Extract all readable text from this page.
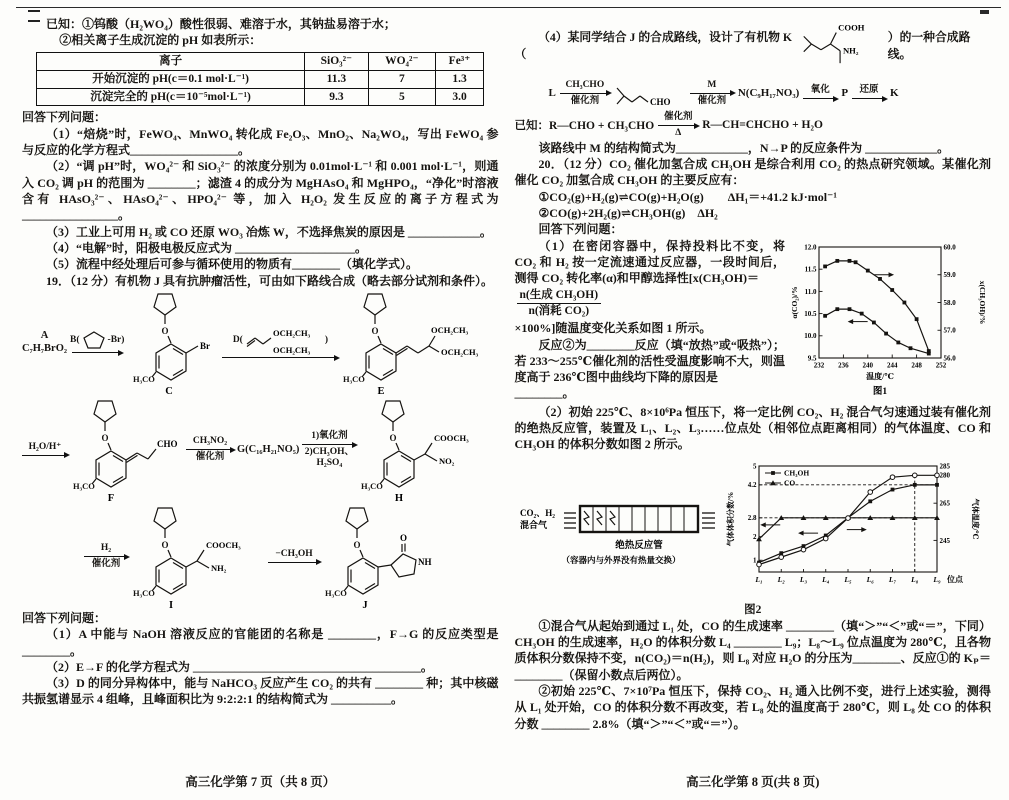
已知：①钨酸（H₂WO₄）酸性很弱、难溶于水，其钠盐易溶于水；

②相关离子生成沉淀的 pH 如表所示：

离子	SiO₃²⁻	WO₄²⁻	Fe³⁺
开始沉淀的 pH(c＝0.1 mol·L⁻¹)	11.3	7	1.3
沉淀完全的 pH(c＝10⁻⁵mol·L⁻¹)	9.3	5	3.0

回答下列问题：

（1）“焙烧”时，FeWO₄、MnWO₄ 转化成 Fe₂O₃、MnO₂、Na₂WO₄，写出 FeWO₄ 参与反应的化学方程式__________________。

（2）“调 pH”时，WO₄²⁻ 和 SiO₃²⁻ 的浓度分别为 0.01mol·L⁻¹ 和 0.001 mol·L⁻¹，则通入 CO₂ 调 pH 的范围为 ________；滤渣 4 的成分为 MgHAsO₄ 和 MgHPO₄，“净化”时溶液含有 HAsO₃²⁻、HAsO₄²⁻、HPO₄²⁻ 等，加入 H₂O₂ 发生反应的离子方程式为________________。

（3）工业上可用 H₂ 或 CO 还原 WO₃ 冶炼 W，不选择焦炭的原因是 ____________。

（4）“电解”时，阳极电极反应式为 ____________________。

（5）流程中经处理后可参与循环使用的物质有________（填化学式）。

19．（12 分）有机物 J 具有抗肿瘤活性，可由如下路线合成（略去部分试剂和条件）。

A
C₇H₇BrO₂
B(	-Br)
Br
C
D(
OCH₂CH₃
OCH₂CH₃
)
OCH₂CH₃
OCH₂CH₃
E
H₂O/H⁺	CHO
F
CH₃NO₂
催化剂
G(C₁₆H₂₁NO₅)
1)氧化剂
2)CH₃OH、
H₂SO₄
COOCH₃
NO₂
H
H₂
催化剂
COOCH₃
NH₂
I
−CH₃OH
O
NH
J

回答下列问题：

（1）A 中能与 NaOH 溶液反应的官能团的名称是 ________，F→G 的反应类型是________。

（2）E→F 的化学方程式为 ______________________________________。

（3）D 的同分异构体中，能与 NaHCO₃ 反应产生 CO₂ 的共有 ________ 种；其中核磁共振氢谱显示 4 组峰，且峰面积比为 9:2:2:1 的结构简式为 __________。

高三化学第 7 页（共 8 页）
（4）某同学结合 J 的合成路线，设计了有机物 K（
COOH
NH₂
）的一种合成路线。
L
CH₃CHO
催化剂	CHO
M
催化剂
N(C₉H₁₇NO₃) 氧化 P 还原 K
已知：R—CHO + CH₃CHO
催化剂
Δ
R—CH=CHCHO + H₂O

该路线中 M 的结构简式为____________，N→P 的反应条件为 ____________。

20．（12 分）CO₂ 催化加氢合成 CH₃OH 是综合利用 CO₂ 的热点研究领域。某催化剂催化 CO₂ 加氢合成 CH₃OH 的主要反应有：

①CO₂(g)+H₂(g)⇌CO(g)+H₂O(g)　　ΔH₁＝+41.2 kJ·mol⁻¹

②CO(g)+2H₂(g)⇌CH₃OH(g)　ΔH₂

回答下列问题：

（1）在密闭容器中，保持投料比不变，将 CO₂ 和 H₂ 按一定流速通过反应器，一段时间后，测得 CO₂ 转化率(α)和甲醇选择性[x(CH₃OH)＝

$\frac{\text{n(生成 CH₃OH)}}{\text{n(消耗 CO₂)}}$
×100%]随温度变化关系如图 1 所示。

反应②为________反应（填“放热”或“吸热”）；若 233～255℃催化剂的活性受温度影响不大，则温度高于 236℃图中曲线均下降的原因是

________。

232 236 240 244 248 252
9.5
10.0
10.5
11.0
11.5
12.0
56.0
57.0
58.0
59.0
60.0
α(CO₂)/%	x(CH₃OH)/%
温度/℃
图1

（2）初始 225℃、8×10⁶Pa 恒压下，将一定比例 CO₂、H₂ 混合气匀速通过装有催化剂的绝热反应管，装置及 L₁、L₂、L₃……位点处（相邻位点距离相同）的气体温度、CO 和 CH₃OH 的体积分数如图 2 所示。

CO₂、H₂
混合气
绝热反应管
（容器内与外界没有热量交换）
L₁ L₂ L₃ L₄ L₅ L₆ L₇ L₈ L₉ 位点
1
2
2.8
4.2
5
245
265
280
285
CH₃OH
CO
气体体积分数/%	气体温度/℃

图2

①混合气从起始到通过 L₁ 处，CO 的生成速率 ________（填“＞”“＜”或“＝”，下同）CH₃OH 的生成速率，H₂O 的体积分数 L₄ ________ L₉；L₈～L₉ 位点温度为 280℃，且各物质体积分数保持不变，n(CO₂)＝n(H₂)，则 L₈ 对应 H₂O 的分压为________、反应①的 Kₚ＝ ________（保留小数点后两位）。

②初始 225℃、7×10⁷Pa 恒压下，保持 CO₂、H₂ 通入比例不变，进行上述实验，测得从 L₁ 处开始，CO 的体积分数不再改变，若 L₈ 处的温度高于 280℃，则 L₈ 处 CO 的体积分数 ________ 2.8%（填“＞”“＜”或“＝”）。

高三化学第 8 页(共 8 页)
